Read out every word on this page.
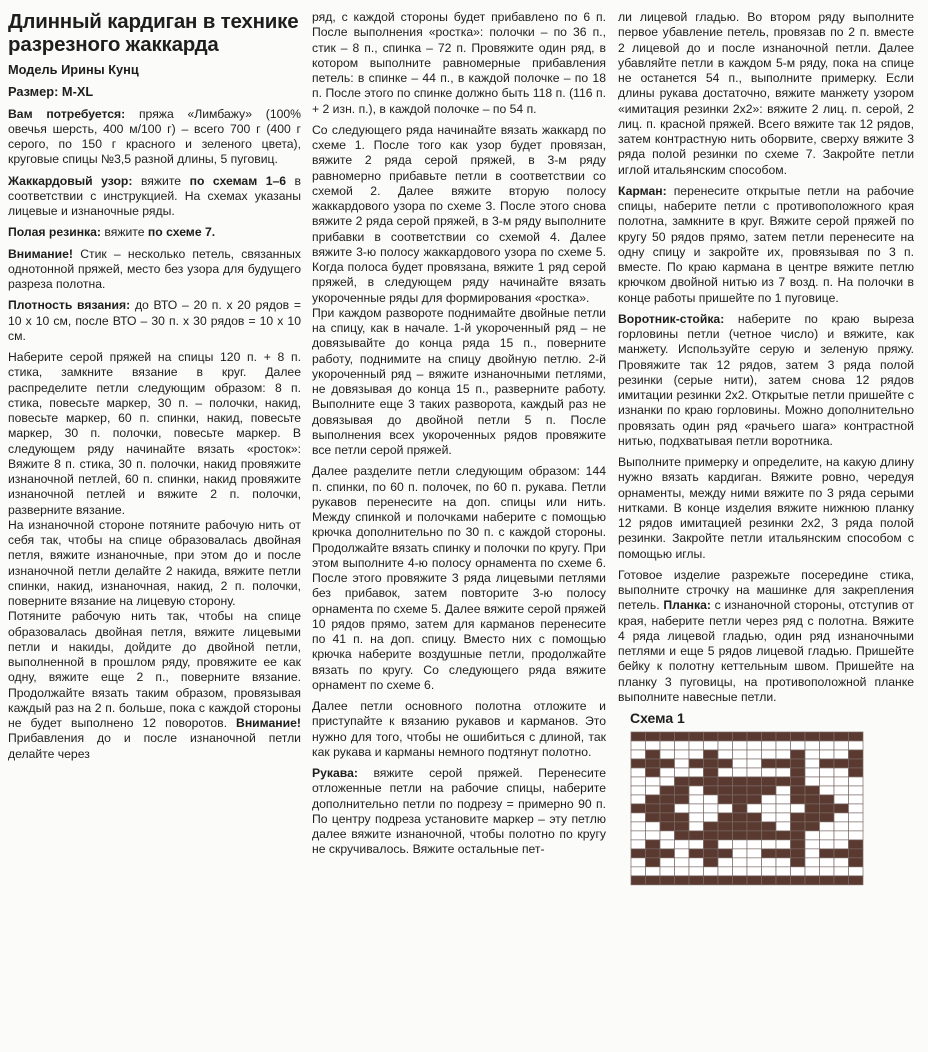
Длинный кардиган в технике разрезного жаккарда
Модель Ирины Кунц
Размер: M-XL

Вам потребуется: пряжа «Лимбажу» (100% овечья шерсть, 400 м/100 г) – всего 700 г (400 г серого, по 150 г красного и зеленого цвета), круговые спицы №3,5 разной длины, 5 пуговиц.

Жаккардовый узор: вяжите по схемам 1–6 в соответствии с инструкцией. На схемах указаны лицевые и изнаночные ряды.

Полая резинка: вяжите по схеме 7.

Внимание! Стик – несколько петель, связанных однотонной пряжей, место без узора для будущего разреза полотна.

Плотность вязания: до ВТО – 20 п. х 20 рядов = 10 х 10 см, после ВТО – 30 п. х 30 рядов = 10 х 10 см.

Наберите серой пряжей на спицы 120 п. + 8 п. стика, замкните вязание в круг. Далее распределите петли следующим образом: 8 п. стика, повесьте маркер, 30 п. – полочки, накид, повесьте маркер, 60 п. спинки, накид, повесьте маркер, 30 п. полочки, повесьте маркер. В следующем ряду начинайте вязать «росток»: Вяжите 8 п. стика, 30 п. полочки, накид провяжите изнаночной петлей, 60 п. спинки, накид провяжите изнаночной петлей и вяжите 2 п. полочки, разверните вязание.

На изнаночной стороне потяните рабочую нить от себя так, чтобы на спице образовалась двойная петля, вяжите изнаночные, при этом до и после изнаночной петли делайте 2 накида, вяжите петли спинки, накид, изнаночная, накид, 2 п. полочки, поверните вязание на лицевую сторону.

Потяните рабочую нить так, чтобы на спице образовалась двойная петля, вяжите лицевыми петли и накиды, дойдите до двойной петли, выполненной в прошлом ряду, провяжите ее как одну, вяжите еще 2 п., поверните вязание. Продолжайте вязать таким образом, провязывая каждый раз на 2 п. больше, пока с каждой стороны не будет выполнено 12 поворотов. Внимание! Прибавления до и после изнаночной петли делайте через

ряд, с каждой стороны будет прибавлено по 6 п. После выполнения «ростка»: полочки – по 36 п., стик – 8 п., спинка – 72 п. Провяжите один ряд, в котором выполните равномерные прибавления петель: в спинке – 44 п., в каждой полочке – по 18 п. После этого по спинке должно быть 118 п. (116 п. + 2 изн. п.), в каждой полочке – по 54 п.

Со следующего ряда начинайте вязать жаккард по схеме 1. После того как узор будет провязан, вяжите 2 ряда серой пряжей, в 3-м ряду равномерно прибавьте петли в соответствии со схемой 2. Далее вяжите вторую полосу жаккардового узора по схеме 3. После этого снова вяжите 2 ряда серой пряжей, в 3-м ряду выполните прибавки в соответствии со схемой 4. Далее вяжите 3-ю полосу жаккардового узора по схеме 5. Когда полоса будет провязана, вяжите 1 ряд серой пряжей, в следующем ряду начинайте вязать укороченные ряды для формирования «ростка».

При каждом развороте поднимайте двойные петли на спицу, как в начале. 1-й укороченный ряд – не довязывайте до конца ряда 15 п., поверните работу, поднимите на спицу двойную петлю. 2-й укороченный ряд – вяжите изнаночными петлями, не довязывая до конца 15 п., разверните работу. Выполните еще 3 таких разворота, каждый раз не довязывая до двойной петли 5 п. После выполнения всех укороченных рядов провяжите все петли серой пряжей.

Далее разделите петли следующим образом: 144 п. спинки, по 60 п. полочек, по 60 п. рукава. Петли рукавов перенесите на доп. спицы или нить. Между спинкой и полочками наберите с помощью крючка дополнительно по 30 п. с каждой стороны. Продолжайте вязать спинку и полочки по кругу. При этом выполните 4-ю полосу орнамента по схеме 6. После этого провяжите 3 ряда лицевыми петлями без прибавок, затем повторите 3-ю полосу орнамента по схеме 5. Далее вяжите серой пряжей 10 рядов прямо, затем для карманов перенесите по 41 п. на доп. спицу. Вместо них с помощью крючка наберите воздушные петли, продолжайте вязать по кругу. Со следующего ряда вяжите орнамент по схеме 6.

Далее петли основного полотна отложите и приступайте к вязанию рукавов и карманов. Это нужно для того, чтобы не ошибиться с длиной, так как рукава и карманы немного подтянут полотно.

Рукава: вяжите серой пряжей. Перенесите отложенные петли на рабочие спицы, наберите дополнительно петли по подрезу = примерно 90 п. По центру подреза установите маркер – эту петлю далее вяжите изнаночной, чтобы полотно по кругу не скручивалось. Вяжите остальные пет-

ли лицевой гладью. Во втором ряду выполните первое убавление петель, провязав по 2 п. вместе 2 лицевой до и после изнаночной петли. Далее убавляйте петли в каждом 5-м ряду, пока на спице не останется 54 п., выполните примерку. Если длины рукава достаточно, вяжите манжету узором «имитация резинки 2х2»: вяжите 2 лиц. п. серой, 2 лиц. п. красной пряжей. Всего вяжите так 12 рядов, затем контрастную нить оборвите, сверху вяжите 3 ряда полой резинки по схеме 7. Закройте петли иглой итальянским способом.

Карман: перенесите открытые петли на рабочие спицы, наберите петли с противоположного края полотна, замкните в круг. Вяжите серой пряжей по кругу 50 рядов прямо, затем петли перенесите на одну спицу и закройте их, провязывая по 3 п. вместе. По краю кармана в центре вяжите петлю крючком двойной нитью из 7 возд. п. На полочки в конце работы пришейте по 1 пуговице.

Воротник-стойка: наберите по краю выреза горловины петли (четное число) и вяжите, как манжету. Используйте серую и зеленую пряжу. Провяжите так 12 рядов, затем 3 ряда полой резинки (серые нити), затем снова 12 рядов имитации резинки 2х2. Открытые петли пришейте с изнанки по краю горловины. Можно дополнительно провязать один ряд «рачьего шага» контрастной нитью, подхватывая петли воротника.

Выполните примерку и определите, на какую длину нужно вязать кардиган. Вяжите ровно, чередуя орнаменты, между ними вяжите по 3 ряда серыми нитками. В конце изделия вяжите нижнюю планку 12 рядов имитацией резинки 2х2, 3 ряда полой резинки. Закройте петли итальянским способом с помощью иглы.

Готовое изделие разрежьте посередине стика, выполните строчку на машинке для закрепления петель. Планка: с изнаночной стороны, отступив от края, наберите петли через ряд с полотна. Вяжите 4 ряда лицевой гладью, один ряд изнаночными петлями и еще 5 рядов лицевой гладью. Пришейте бейку к полотну кеттельным швом. Пришейте на планку 3 пуговицы, на противоположной планке выполните навесные петли.

Схема 1
